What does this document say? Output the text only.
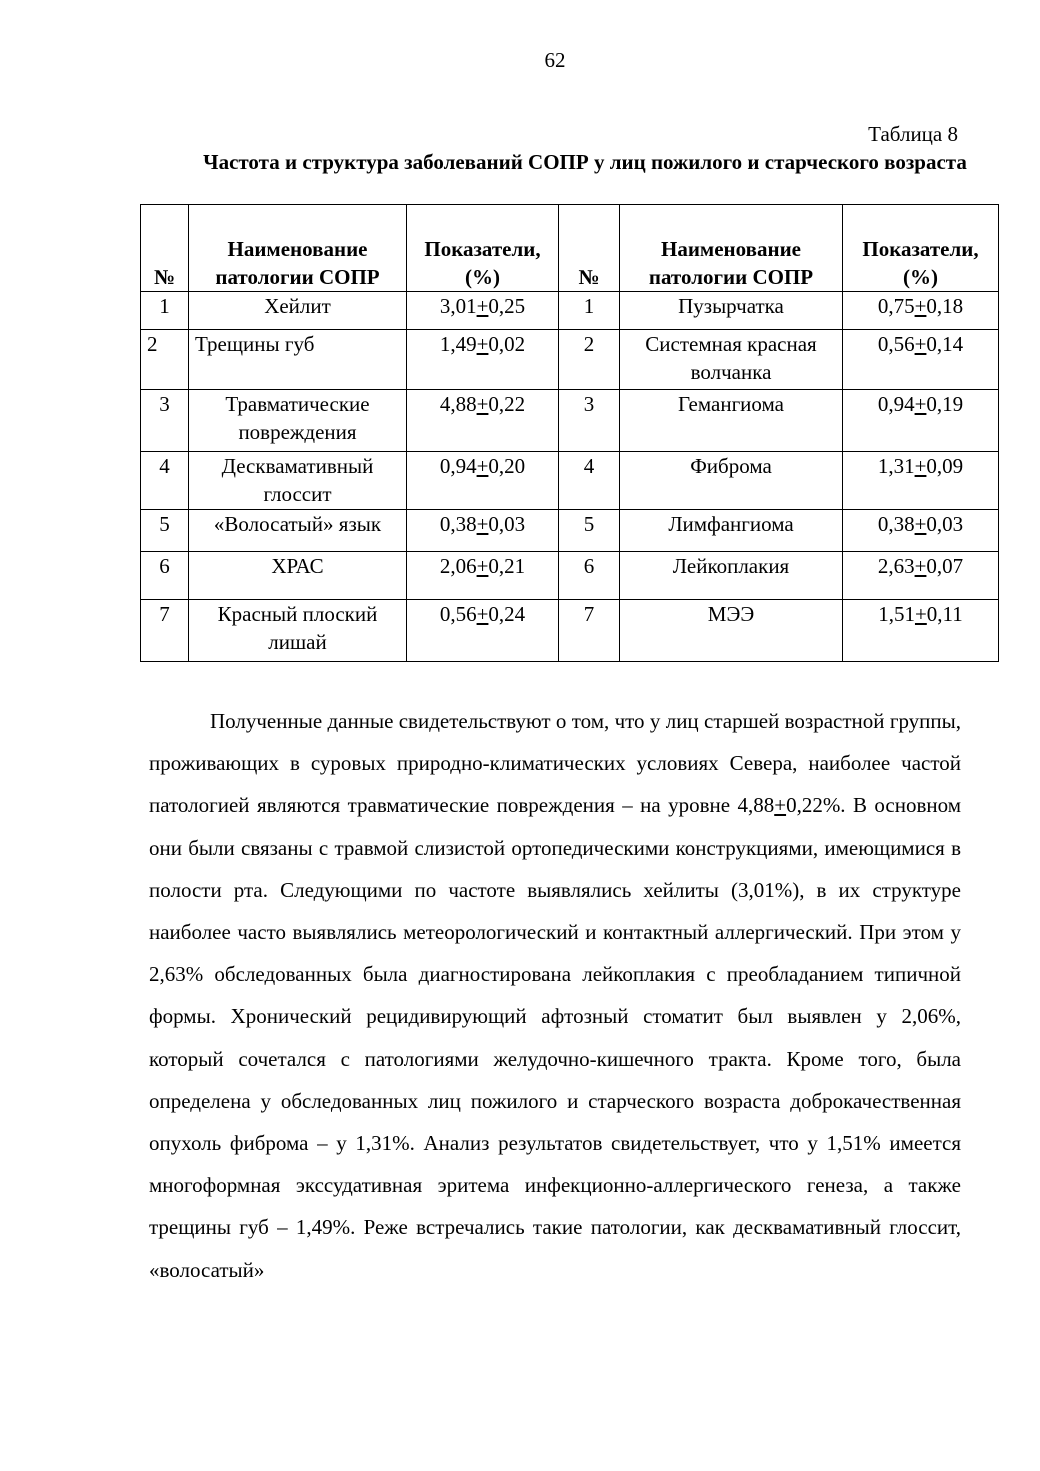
62
Таблица 8
Частота и структура заболеваний СОПР у лиц пожилого и старческого возраста
№	Наименование патологии СОПР	Показатели, (%)	№	Наименование патологии СОПР	Показатели, (%)
1	Хейлит	3,01+0,25	1	Пузырчатка	0,75+0,18
2	Трещины губ	1,49+0,02	2	Системная красная волчанка	0,56+0,14
3	Травматические повреждения	4,88+0,22	3	Гемангиома	0,94+0,19
4	Десквамативный глоссит	0,94+0,20	4	Фиброма	1,31+0,09
5	«Волосатый» язык	0,38+0,03	5	Лимфангиома	0,38+0,03
6	ХРАС	2,06+0,21	6	Лейкоплакия	2,63+0,07
7	Красный плоский лишай	0,56+0,24	7	МЭЭ	1,51+0,11

Полученные данные свидетельствуют о том, что у лиц старшей возрастной группы, проживающих в суровых природно-климатических условиях Севера, наиболее частой патологией являются травматические повреждения – на уровне 4,88+0,22%. В основном они были связаны с травмой слизистой ортопедическими конструкциями, имеющимися в полости рта. Следующими по частоте выявлялись хейлиты (3,01%), в их структуре наиболее часто выявлялись метеорологический и контактный аллергический. При этом у 2,63% обследованных была диагностирована лейкоплакия с преобладанием типичной формы. Хронический рецидивирующий афтозный стоматит был выявлен у 2,06%, который сочетался с патологиями желудочно-кишечного тракта. Кроме того, была определена у обследованных лиц пожилого и старческого возраста доброкачественная опухоль фиброма – у 1,31%. Анализ результатов свидетельствует, что у 1,51% имеется многоформная экссудативная эритема инфекционно-аллергического генеза, а также трещины губ – 1,49%. Реже встречались такие патологии, как десквамативный глоссит, «волосатый»
